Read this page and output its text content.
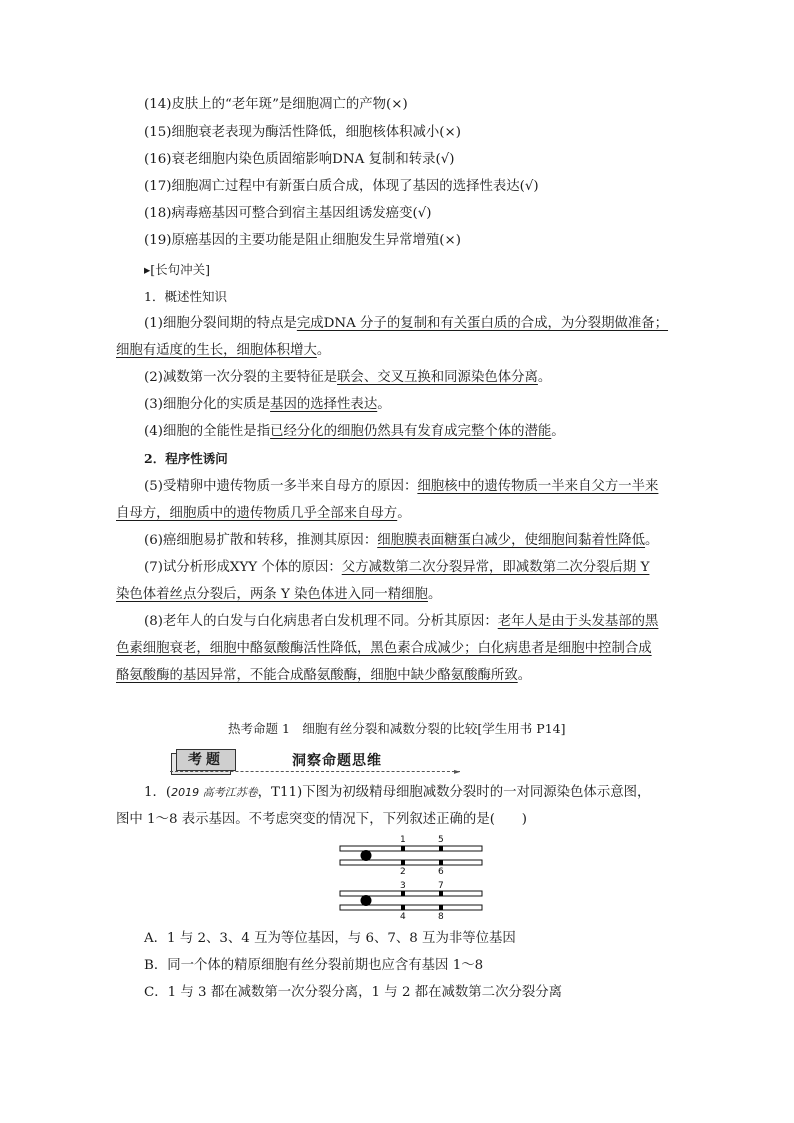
(14)皮肤上的“老年斑”是细胞凋亡的产物(×)
(15)细胞衰老表现为酶活性降低，细胞核体积减小(×)
(16)衰老细胞内染色质固缩影响DNA 复制和转录(√)
(17)细胞凋亡过程中有新蛋白质合成，体现了基因的选择性表达(√)
(18)病毒癌基因可整合到宿主基因组诱发癌变(√)
(19)原癌基因的主要功能是阻止细胞发生异常增殖(×)
▸[长句冲关]
1．概述性知识
(1)细胞分裂间期的特点是完成DNA 分子的复制和有关蛋白质的合成，为分裂期做准备；
细胞有适度的生长，细胞体积增大。
(2)减数第一次分裂的主要特征是联会、交叉互换和同源染色体分离。
(3)细胞分化的实质是基因的选择性表达。
(4)细胞的全能性是指已经分化的细胞仍然具有发育成完整个体的潜能。
2．程序性诱问
(5)受精卵中遗传物质一多半来自母方的原因：细胞核中的遗传物质一半来自父方一半来
自母方，细胞质中的遗传物质几乎全部来自母方。
(6)癌细胞易扩散和转移，推测其原因：细胞膜表面糖蛋白减少，使细胞间黏着性降低。
(7)试分析形成XYY 个体的原因：父方减数第二次分裂异常，即减数第二次分裂后期 Y
染色体着丝点分裂后，两条 Y 染色体进入同一精细胞。
(8)老年人的白发与白化病患者白发机理不同。分析其原因：老年人是由于头发基部的黑
色素细胞衰老，细胞中酪氨酸酶活性降低，黑色素合成减少；白化病患者是细胞中控制合成
酪氨酸酶的基因异常，不能合成酪氨酸酶，细胞中缺少酪氨酸酶所致。
热考命题 1　细胞有丝分裂和减数分裂的比较[学生用书 P14]
考题	洞察命题思维
►
1．(2019 高考江苏卷，T11)下图为初级精母细胞减数分裂时的一对同源染色体示意图，
图中 1～8 表示基因。不考虑突变的情况下，下列叙述正确的是(　　)
1	5
2	6
3	7
4	8
A．1 与 2、3、4 互为等位基因，与 6、7、8 互为非等位基因
B．同一个体的精原细胞有丝分裂前期也应含有基因 1～8
C．1 与 3 都在减数第一次分裂分离，1 与 2 都在减数第二次分裂分离
